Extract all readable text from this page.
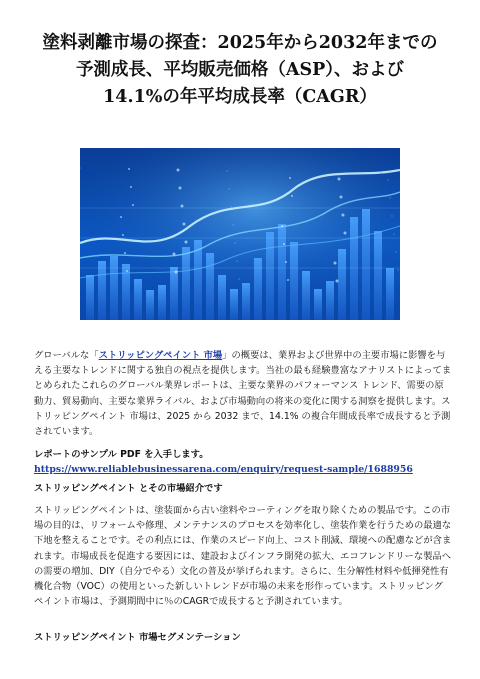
塗料剥離市場の探査：2025年から2032年までの
予測成長、平均販売価格（ASP）、および
14.1%の年平均成長率（CAGR）
グローバルな「ストリッピングペイント 市場」の概要は、業界および世界中の主要市場に影響を与える主要なトレンドに関する独自の視点を提供します。当社の最も経験豊富なアナリストによってまとめられたこれらのグローバル業界レポートは、主要な業界のパフォーマンス トレンド、需要の原動力、貿易動向、主要な業界ライバル、および市場動向の将来の変化に関する洞察を提供します。ストリッピングペイント 市場は、2025 から 2032 まで、14.1% の複合年間成長率で成長すると予測されています。
レポートのサンプル PDF を入手します。 https://www.reliablebusinessarena.com/enquiry/request-sample/1688956
ストリッピングペイント とその市場紹介です
ストリッピングペイントは、塗装面から古い塗料やコーティングを取り除くための製品です。この市場の目的は、リフォームや修理、メンテナンスのプロセスを効率化し、塗装作業を行うための最適な下地を整えることです。その利点には、作業のスピード向上、コスト削減、環境への配慮などが含まれます。市場成長を促進する要因には、建設およびインフラ開発の拡大、エコフレンドリーな製品への需要の増加、DIY（自分でやる）文化の普及が挙げられます。さらに、生分解性材料や低揮発性有機化合物（VOC）の使用といった新しいトレンドが市場の未来を形作っています。ストリッピングペイント市場は、予測期間中に％のCAGRで成長すると予測されています。
ストリッピングペイント 市場セグメンテーション
